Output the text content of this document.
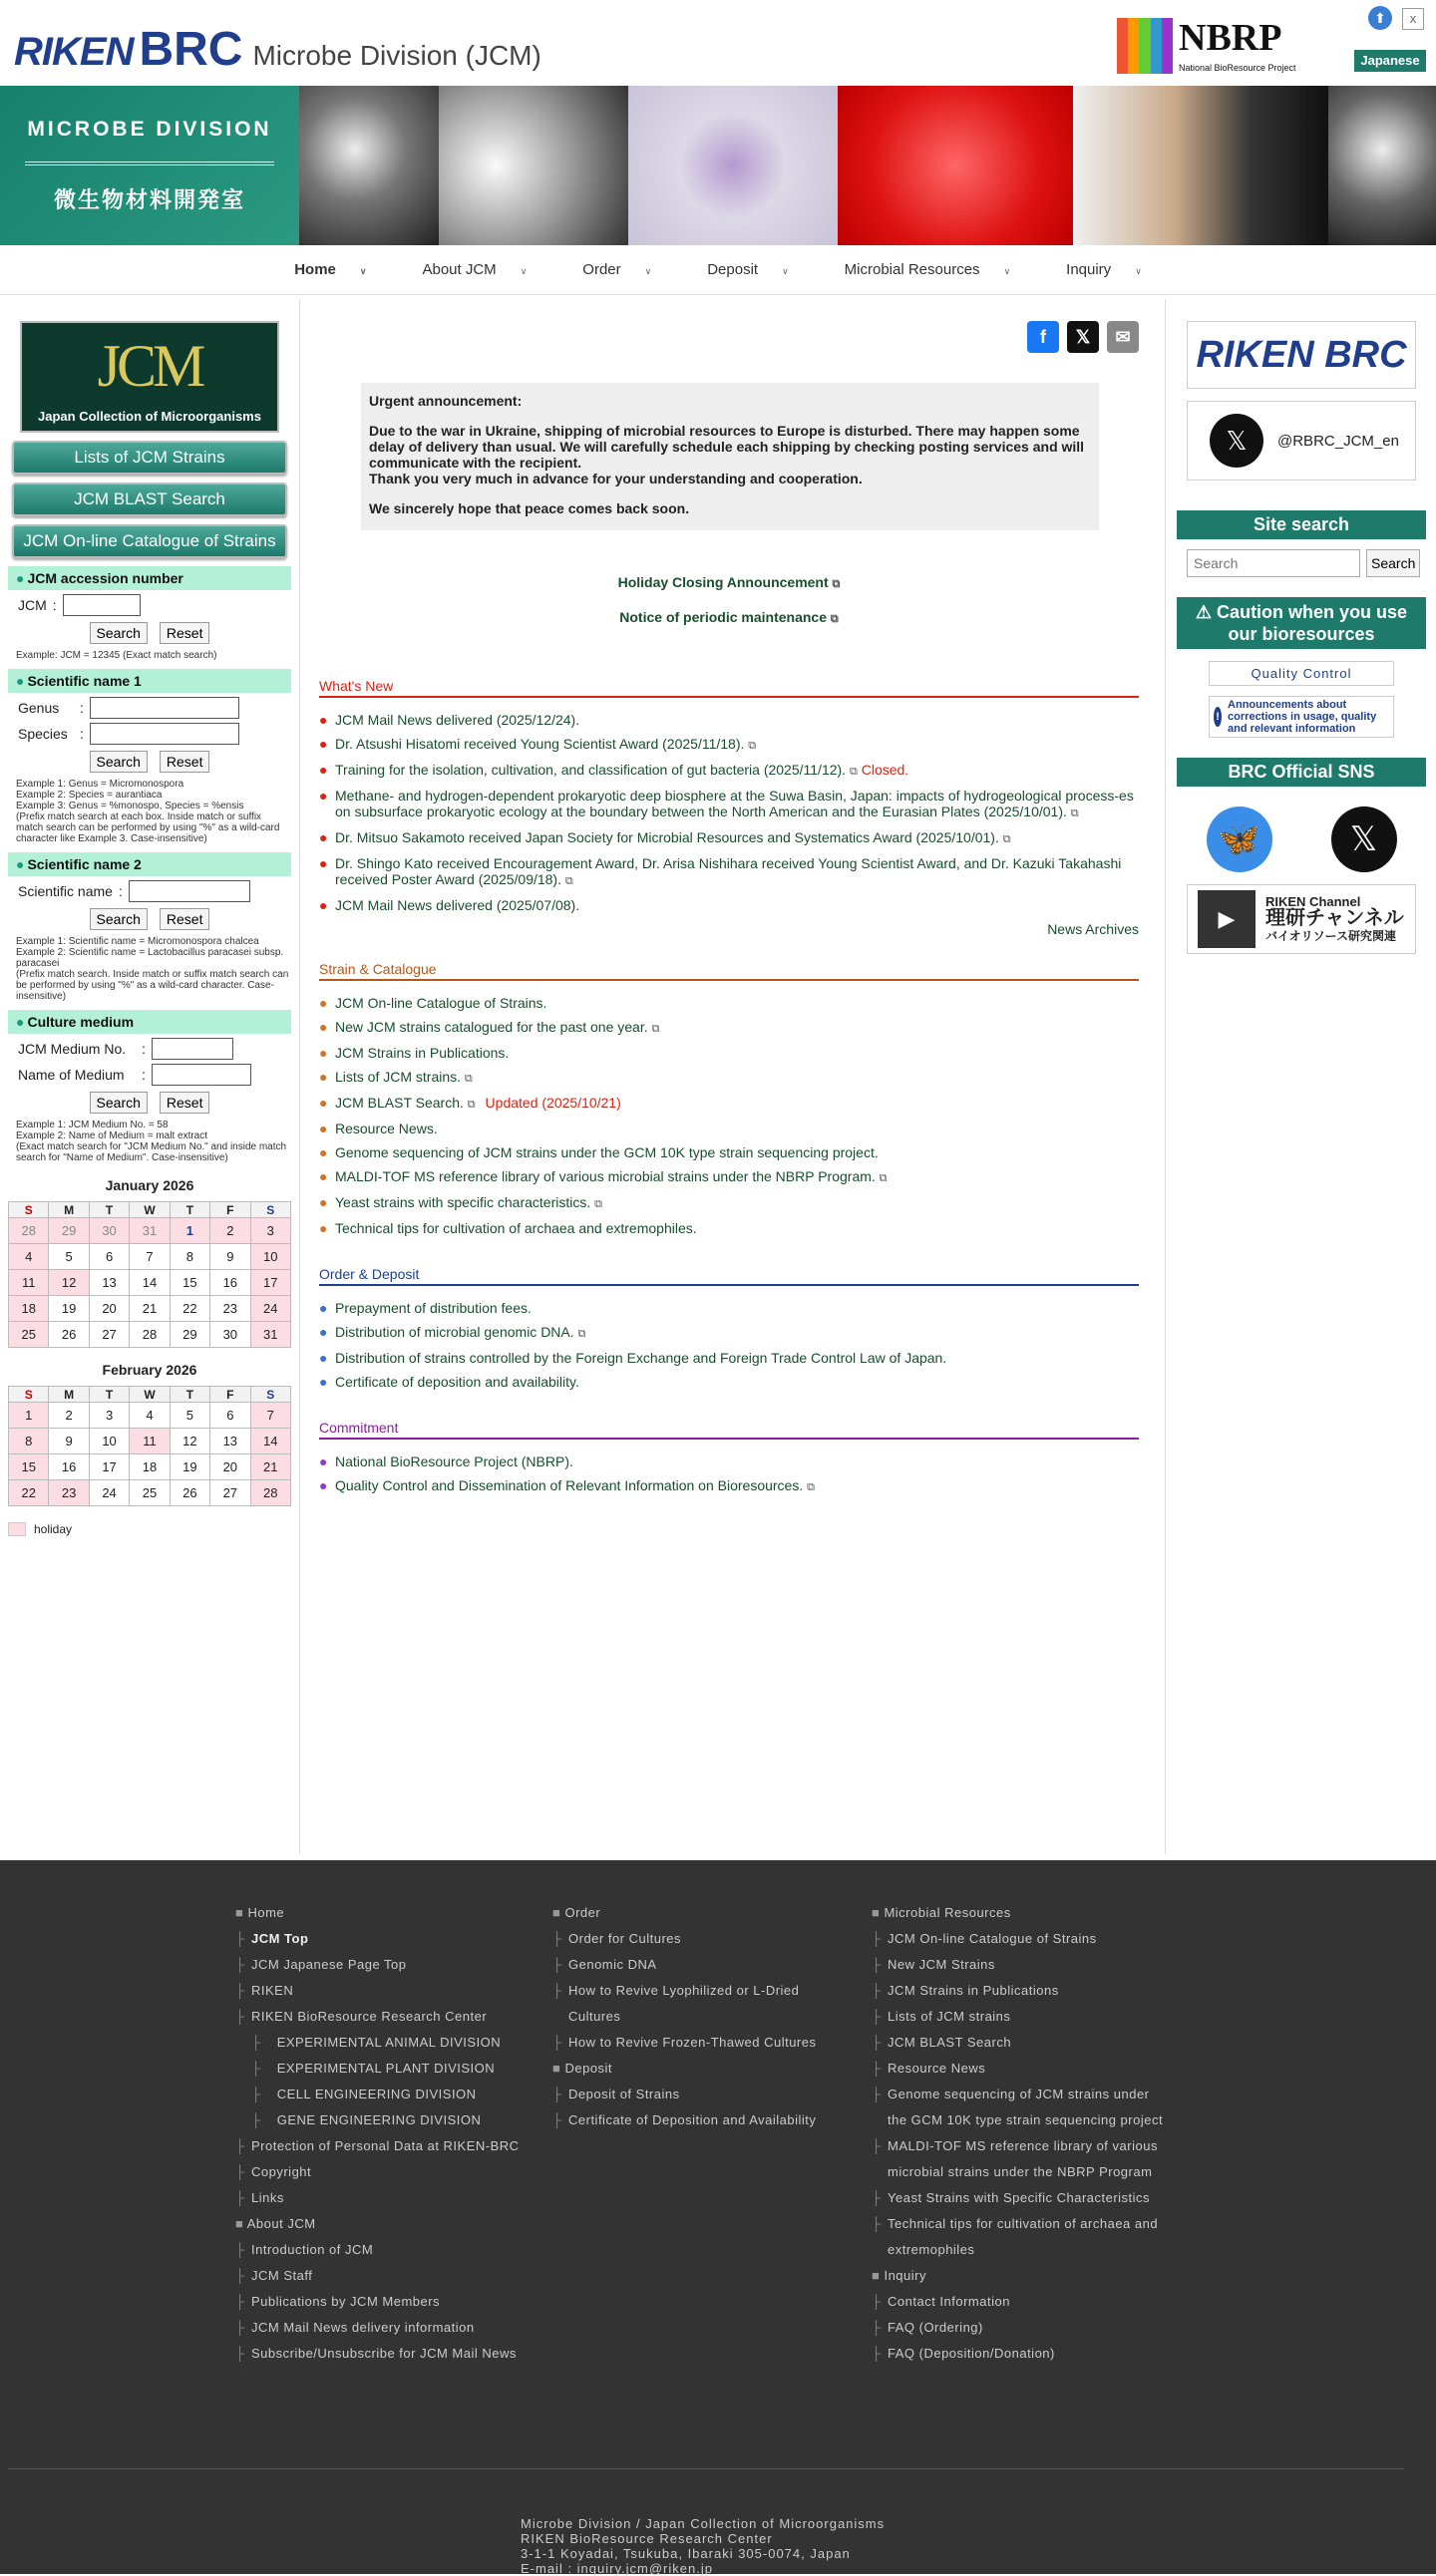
RIKEN BRC Microbe Division (JCM)	NBRP
National BioResource Project
⬆	x
Japanese
MICROBE DIVISION
微生物材料開発室
Home	∨	About JCM	∨	Order	∨	Deposit	∨	Microbial Resources	∨	Inquiry	∨
JCM
Japan Collection of Microorganisms
Lists of JCM Strains
JCM BLAST Search
JCM On-line Catalogue of Strains
● JCM accession number
JCM :
Search Reset
Example: JCM = 12345 (Exact match search)
● Scientific name 1
Genus	:
Species :
Search Reset
Example 1: Genus = Micromonospora
Example 2: Species = aurantiaca
Example 3: Genus = %monospo, Species = %ensis
(Prefix match search at each box. Inside match or suffix match search can be performed by using "%" as a wild-card character like Example 3. Case-insensitive)
● Scientific name 2
Scientific name :
Search Reset
Example 1: Scientific name = Micromonospora chalcea
Example 2: Scientific name = Lactobacillus paracasei subsp. paracasei
(Prefix match search. Inside match or suffix match search can be performed by using "%" as a wild-card character. Case-insensitive)
● Culture medium
JCM Medium No.	:
Name of Medium	:
Search Reset
Example 1: JCM Medium No. = 58
Example 2: Name of Medium = malt extract
(Exact match search for "JCM Medium No." and inside match search for "Name of Medium". Case-insensitive)
January 2026
S	M	T	W	T	F	S
28	29	30	31	1	2	3
4	5	6	7	8	9	10
11	12	13	14	15	16	17
18	19	20	21	22	23	24
25	26	27	28	29	30	31
February 2026
S	M	T	W	T	F	S
1	2	3	4	5	6	7
8	9	10	11	12	13	14
15	16	17	18	19	20	21
22	23	24	25	26	27	28
holiday
f	𝕏	✉

Urgent announcement:

Due to the war in Ukraine, shipping of microbial resources to Europe is disturbed. There may happen some delay of delivery than usual. We will carefully schedule each shipping by checking posting services and will communicate with the recipient.

Thank you very much in advance for your understanding and cooperation.

We sincerely hope that peace comes back soon.

Holiday Closing Announcement ⧉
Notice of periodic maintenance ⧉
What's New
● JCM Mail News delivered (2025/12/24).
● Dr. Atsushi Hisatomi received Young Scientist Award (2025/11/18). ⧉
● Training for the isolation, cultivation, and classification of gut bacteria (2025/11/12). ⧉ Closed.
● Methane- and hydrogen-dependent prokaryotic deep biosphere at the Suwa Basin, Japan: impacts of hydrogeological process-es on subsurface prokaryotic ecology at the boundary between the North American and the Eurasian Plates (2025/10/01). ⧉
● Dr. Mitsuo Sakamoto received Japan Society for Microbial Resources and Systematics Award (2025/10/01). ⧉
● Dr. Shingo Kato received Encouragement Award, Dr. Arisa Nishihara received Young Scientist Award, and Dr. Kazuki Takahashi received Poster Award (2025/09/18). ⧉
● JCM Mail News delivered (2025/07/08).
News Archives
Strain & Catalogue
● JCM On-line Catalogue of Strains.
● New JCM strains catalogued for the past one year. ⧉
● JCM Strains in Publications.
● Lists of JCM strains. ⧉
● JCM BLAST Search. ⧉ Updated (2025/10/21)
● Resource News.
● Genome sequencing of JCM strains under the GCM 10K type strain sequencing project.
● MALDI-TOF MS reference library of various microbial strains under the NBRP Program. ⧉
● Yeast strains with specific characteristics. ⧉
● Technical tips for cultivation of archaea and extremophiles.
Order & Deposit
● Prepayment of distribution fees.
● Distribution of microbial genomic DNA. ⧉
● Distribution of strains controlled by the Foreign Exchange and Foreign Trade Control Law of Japan.
● Certificate of deposition and availability.
Commitment
● National BioResource Project (NBRP).
● Quality Control and Dissemination of Relevant Information on Bioresources. ⧉
RIKEN BRC
𝕏	@RBRC_JCM_en
Site search
Search
Search
⚠ Caution when you use our bioresources
Quality Control
!
Announcements about corrections in usage, quality and relevant information
BRC Official SNS
🦋	𝕏
▶
RIKEN Channel
理研チャンネル
バイオリソース研究関連
■ Home
├ JCM Top
├ JCM Japanese Page Top
├ RIKEN
├ RIKEN BioResource Research Center
├ EXPERIMENTAL ANIMAL DIVISION
├ EXPERIMENTAL PLANT DIVISION
├ CELL ENGINEERING DIVISION
├ GENE ENGINEERING DIVISION
├ Protection of Personal Data at RIKEN-BRC
├ Copyright
├ Links
■ About JCM
├ Introduction of JCM
├ JCM Staff
├ Publications by JCM Members
├ JCM Mail News delivery information
├ Subscribe/Unsubscribe for JCM Mail News
■ Order
├ Order for Cultures
├ Genomic DNA
├ How to Revive Lyophilized or L-Dried Cultures
├ How to Revive Frozen-Thawed Cultures
■ Deposit
├ Deposit of Strains
├ Certificate of Deposition and Availability
■ Microbial Resources
├ JCM On-line Catalogue of Strains
├ New JCM Strains
├ JCM Strains in Publications
├ Lists of JCM strains
├ JCM BLAST Search
├ Resource News
├ Genome sequencing of JCM strains under the GCM 10K type strain sequencing project
├ MALDI-TOF MS reference library of various microbial strains under the NBRP Program
├ Yeast Strains with Specific Characteristics
├ Technical tips for cultivation of archaea and extremophiles
■ Inquiry
├ Contact Information
├ FAQ (Ordering)
├ FAQ (Deposition/Donation)
Microbe Division / Japan Collection of Microorganisms
RIKEN BioResource Research Center
3-1-1 Koyadai, Tsukuba, Ibaraki 305-0074, Japan
E-mail : inquiry.jcm@riken.jp
